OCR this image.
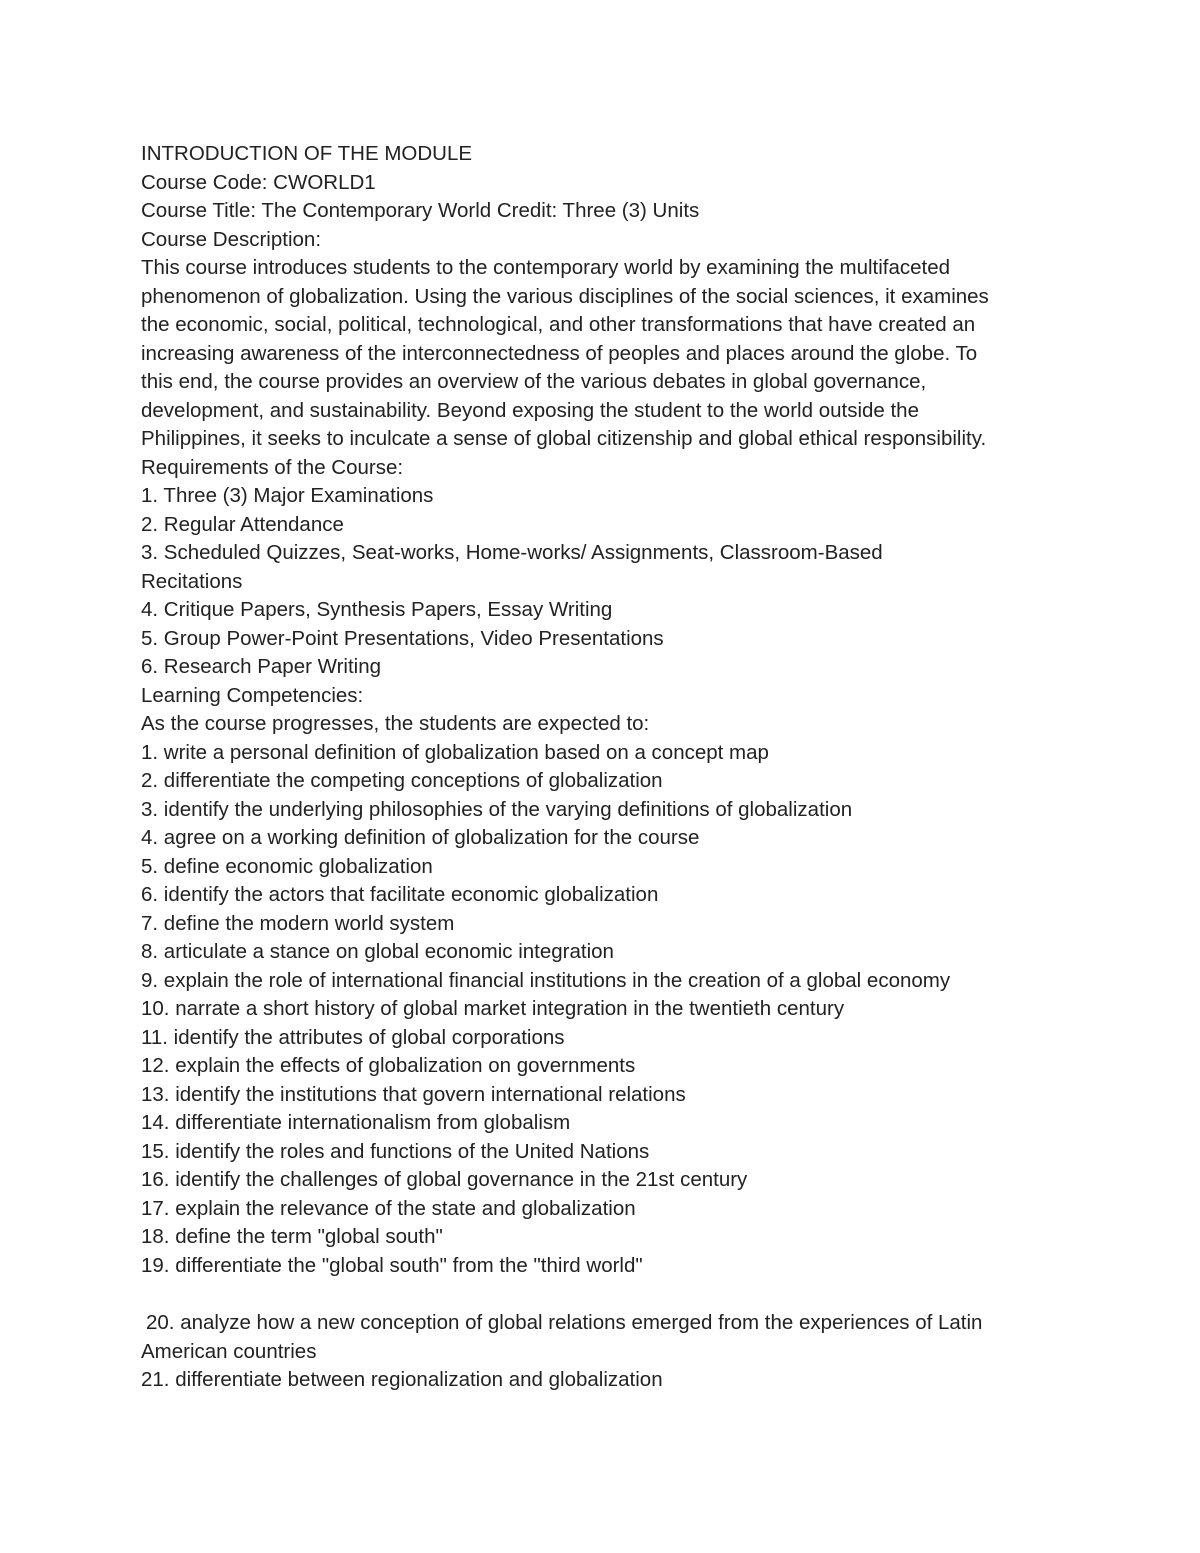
INTRODUCTION OF THE MODULE

Course Code: CWORLD1

Course Title: The Contemporary World Credit: Three (3) Units

Course Description:

This course introduces students to the contemporary world by examining the multifaceted

phenomenon of globalization. Using the various disciplines of the social sciences, it examines

the economic, social, political, technological, and other transformations that have created an

increasing awareness of the interconnectedness of peoples and places around the globe. To

this end, the course provides an overview of the various debates in global governance,

development, and sustainability. Beyond exposing the student to the world outside the

Philippines, it seeks to inculcate a sense of global citizenship and global ethical responsibility.

Requirements of the Course:

1. Three (3) Major Examinations

2. Regular Attendance

3. Scheduled Quizzes, Seat-works, Home-works/ Assignments, Classroom-Based

Recitations

4. Critique Papers, Synthesis Papers, Essay Writing

5. Group Power-Point Presentations, Video Presentations

6. Research Paper Writing

Learning Competencies:

As the course progresses, the students are expected to:

1. write a personal definition of globalization based on a concept map

2. differentiate the competing conceptions of globalization

3. identify the underlying philosophies of the varying definitions of globalization

4. agree on a working definition of globalization for the course

5. define economic globalization

6. identify the actors that facilitate economic globalization

7. define the modern world system

8. articulate a stance on global economic integration

9. explain the role of international financial institutions in the creation of a global economy

10. narrate a short history of global market integration in the twentieth century

11. identify the attributes of global corporations

12. explain the effects of globalization on governments

13. identify the institutions that govern international relations

14. differentiate internationalism from globalism

15. identify the roles and functions of the United Nations

16. identify the challenges of global governance in the 21st century

17. explain the relevance of the state and globalization

18. define the term "global south"

19. differentiate the "global south" from the "third world"

20. analyze how a new conception of global relations emerged from the experiences of Latin

American countries

21. differentiate between regionalization and globalization
